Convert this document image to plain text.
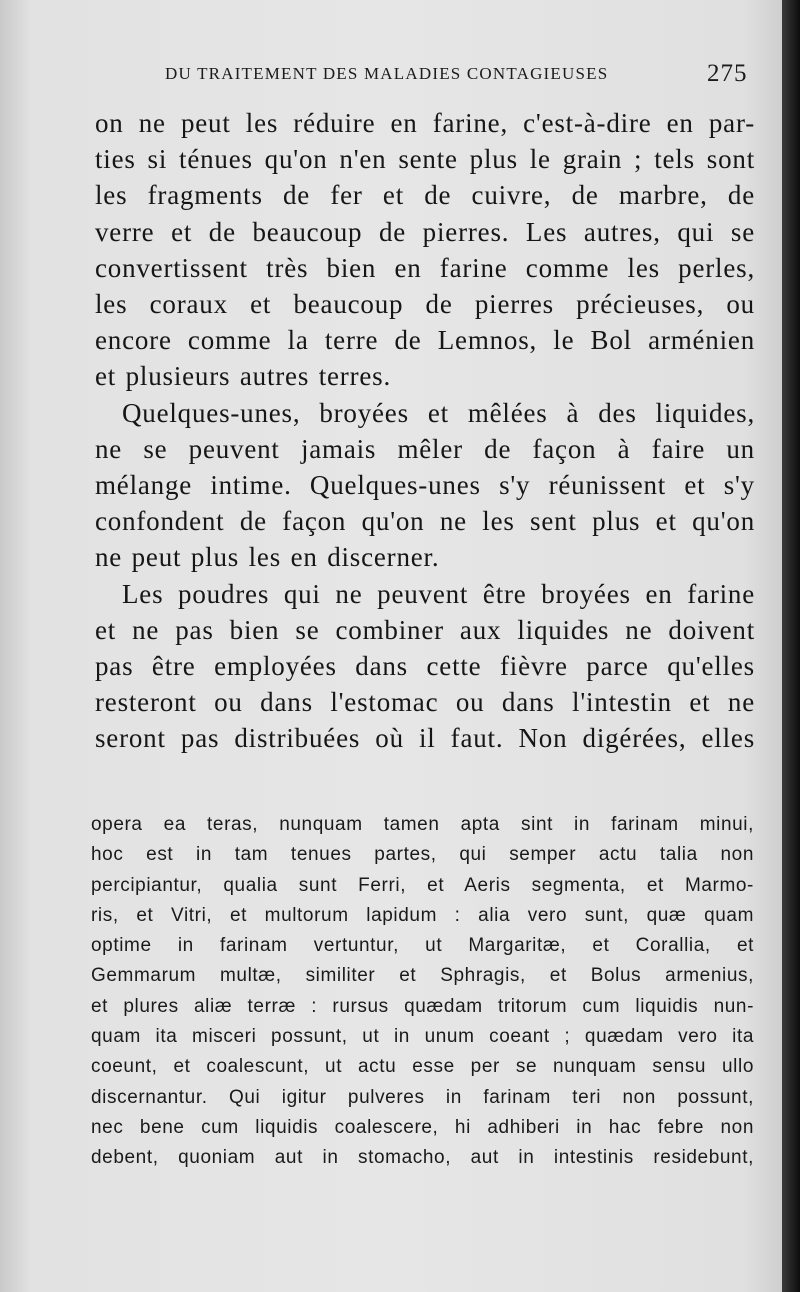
DU TRAITEMENT DES MALADIES CONTAGIEUSES	275
on ne peut les réduire en farine, c'est-à-dire en par-
ties si ténues qu'on n'en sente plus le grain ; tels sont
les fragments de fer et de cuivre, de marbre, de
verre et de beaucoup de pierres. Les autres, qui se
convertissent très bien en farine comme les perles,
les coraux et beaucoup de pierres précieuses, ou
encore comme la terre de Lemnos, le Bol arménien
et plusieurs autres terres.
Quelques-unes, broyées et mêlées à des liquides,
ne se peuvent jamais mêler de façon à faire un
mélange intime. Quelques-unes s'y réunissent et s'y
confondent de façon qu'on ne les sent plus et qu'on
ne peut plus les en discerner.
Les poudres qui ne peuvent être broyées en farine
et ne pas bien se combiner aux liquides ne doivent
pas être employées dans cette fièvre parce qu'elles
resteront ou dans l'estomac ou dans l'intestin et ne
seront pas distribuées où il faut. Non digérées, elles
opera ea teras, nunquam tamen apta sint in farinam minui,
hoc est in tam tenues partes, qui semper actu talia non
percipiantur, qualia sunt Ferri, et Aeris segmenta, et Marmo-
ris, et Vitri, et multorum lapidum : alia vero sunt, quæ quam
optime in farinam vertuntur, ut Margaritæ, et Corallia, et
Gemmarum multæ, similiter et Sphragis, et Bolus armenius,
et plures aliæ terræ : rursus quædam tritorum cum liquidis nun-
quam ita misceri possunt, ut in unum coeant ; quædam vero ita
coeunt, et coalescunt, ut actu esse per se nunquam sensu ullo
discernantur. Qui igitur pulveres in farinam teri non possunt,
nec bene cum liquidis coalescere, hi adhiberi in hac febre non
debent, quoniam aut in stomacho, aut in intestinis residebunt,
